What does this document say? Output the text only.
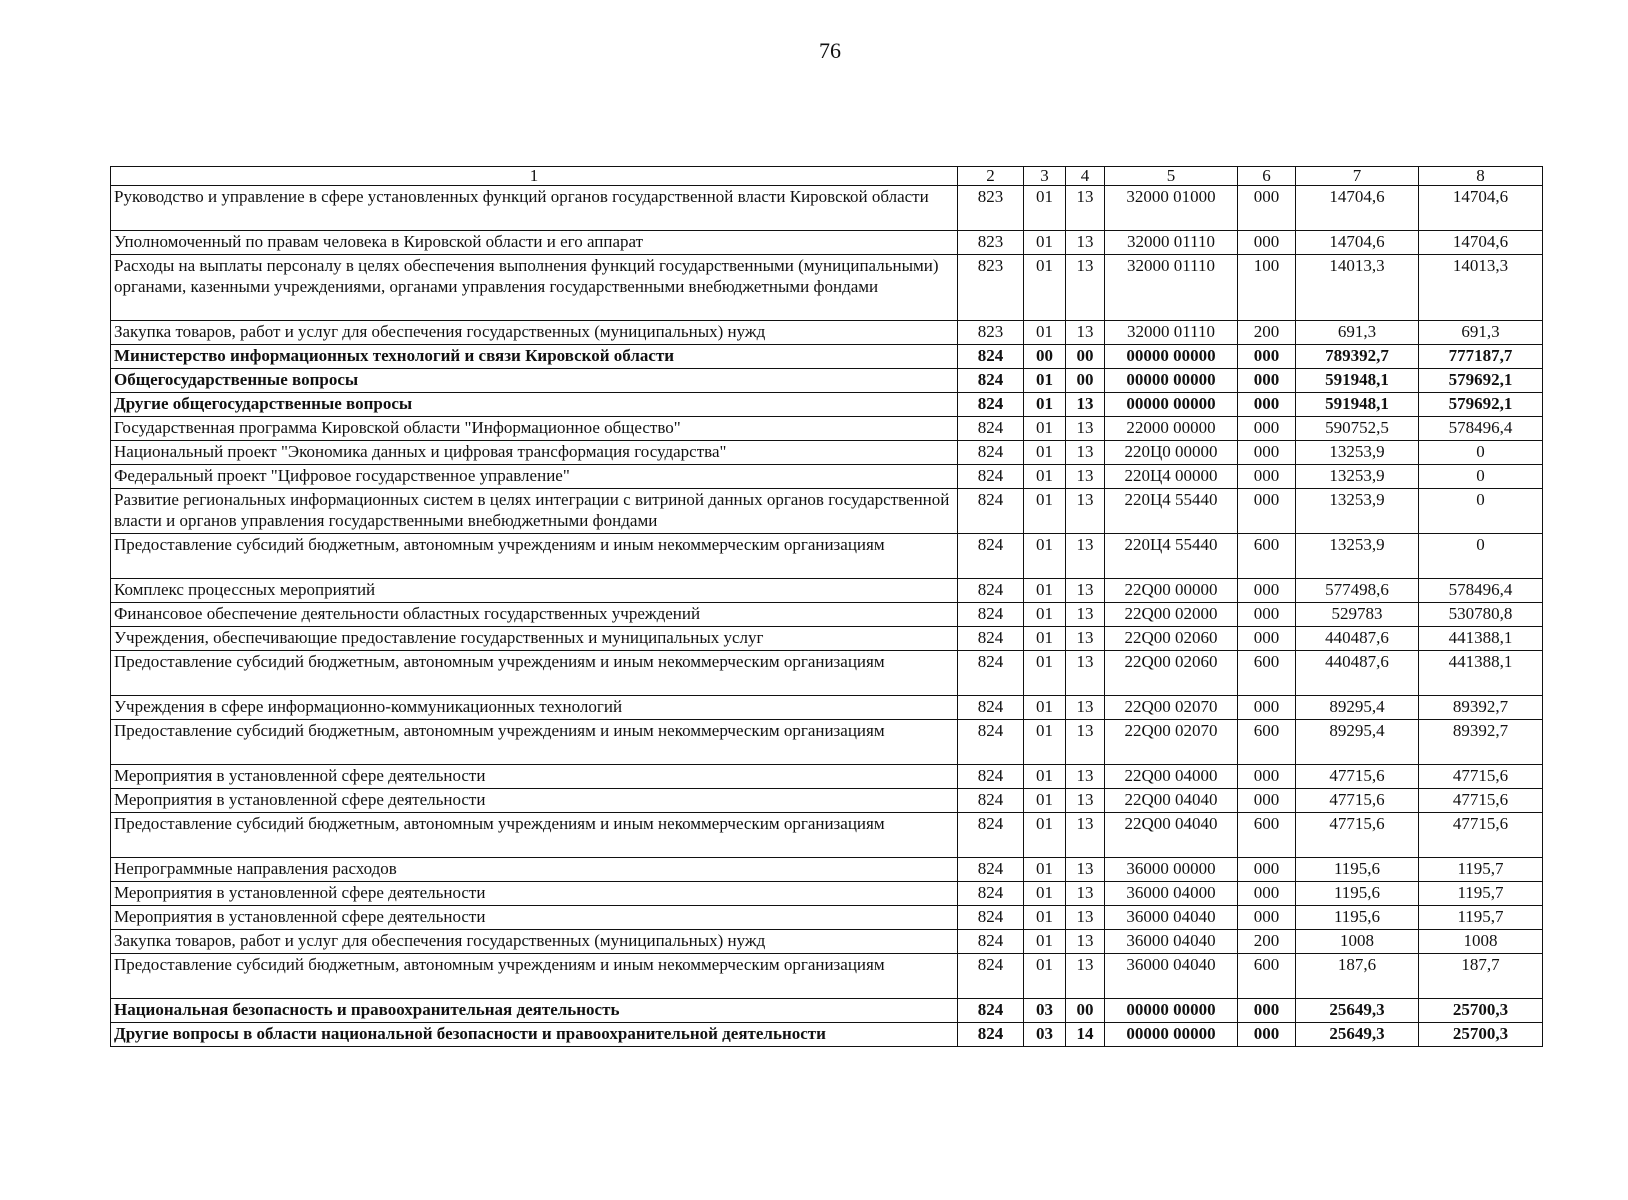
76
1	2	3	4	5	6	7	8
Руководство и управление в сфере установленных функций органов государственной власти Кировской области	823	01	13	32000 01000	000	14704,6	14704,6
Уполномоченный по правам человека в Кировской области и его аппарат	823	01	13	32000 01110	000	14704,6	14704,6
Расходы на выплаты персоналу в целях обеспечения выполнения функций государственными (муниципальными) органами, казенными учреждениями, органами управления государственными внебюджетными фондами	823	01	13	32000 01110	100	14013,3	14013,3
Закупка товаров, работ и услуг для обеспечения государственных (муниципальных) нужд	823	01	13	32000 01110	200	691,3	691,3
Министерство информационных технологий и связи Кировской области	824	00	00	00000 00000	000	789392,7	777187,7
Общегосударственные вопросы	824	01	00	00000 00000	000	591948,1	579692,1
Другие общегосударственные вопросы	824	01	13	00000 00000	000	591948,1	579692,1
Государственная программа Кировской области "Информационное общество"	824	01	13	22000 00000	000	590752,5	578496,4
Национальный проект "Экономика данных и цифровая трансформация государства"	824	01	13	220Ц0 00000	000	13253,9	0
Федеральный проект "Цифровое государственное управление"	824	01	13	220Ц4 00000	000	13253,9	0
Развитие региональных информационных систем в целях интеграции с витриной данных органов государственной власти и органов управления государственными внебюджетными фондами	824	01	13	220Ц4 55440	000	13253,9	0
Предоставление субсидий бюджетным, автономным учреждениям и иным некоммерческим организациям	824	01	13	220Ц4 55440	600	13253,9	0
Комплекс процессных мероприятий	824	01	13	22Q00 00000	000	577498,6	578496,4
Финансовое обеспечение деятельности областных государственных учреждений	824	01	13	22Q00 02000	000	529783	530780,8
Учреждения, обеспечивающие предоставление государственных и муниципальных услуг	824	01	13	22Q00 02060	000	440487,6	441388,1
Предоставление субсидий бюджетным, автономным учреждениям и иным некоммерческим организациям	824	01	13	22Q00 02060	600	440487,6	441388,1
Учреждения в сфере информационно-коммуникационных технологий	824	01	13	22Q00 02070	000	89295,4	89392,7
Предоставление субсидий бюджетным, автономным учреждениям и иным некоммерческим организациям	824	01	13	22Q00 02070	600	89295,4	89392,7
Мероприятия в установленной сфере деятельности	824	01	13	22Q00 04000	000	47715,6	47715,6
Мероприятия в установленной сфере деятельности	824	01	13	22Q00 04040	000	47715,6	47715,6
Предоставление субсидий бюджетным, автономным учреждениям и иным некоммерческим организациям	824	01	13	22Q00 04040	600	47715,6	47715,6
Непрограммные направления расходов	824	01	13	36000 00000	000	1195,6	1195,7
Мероприятия в установленной сфере деятельности	824	01	13	36000 04000	000	1195,6	1195,7
Мероприятия в установленной сфере деятельности	824	01	13	36000 04040	000	1195,6	1195,7
Закупка товаров, работ и услуг для обеспечения государственных (муниципальных) нужд	824	01	13	36000 04040	200	1008	1008
Предоставление субсидий бюджетным, автономным учреждениям и иным некоммерческим организациям	824	01	13	36000 04040	600	187,6	187,7
Национальная безопасность и правоохранительная деятельность	824	03	00	00000 00000	000	25649,3	25700,3
Другие вопросы в области национальной безопасности и правоохранительной деятельности	824	03	14	00000 00000	000	25649,3	25700,3
